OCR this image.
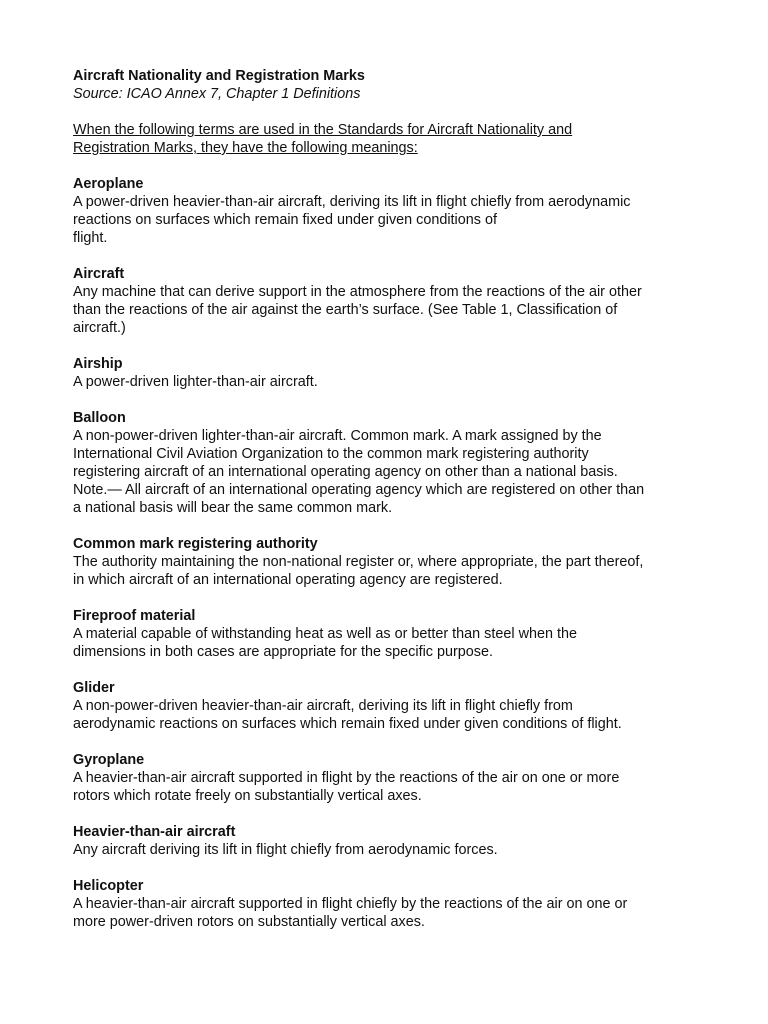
Aircraft Nationality and Registration Marks

Source: ICAO Annex 7, Chapter 1 Definitions

When the following terms are used in the Standards for Aircraft Nationality and

Registration Marks, they have the following meanings:

Aeroplane

A power-driven heavier-than-air aircraft, deriving its lift in flight chiefly from aerodynamic

reactions on surfaces which remain fixed under given conditions of

flight.

Aircraft

Any machine that can derive support in the atmosphere from the reactions of the air other

than the reactions of the air against the earth’s surface. (See Table 1, Classification of

aircraft.)

Airship

A power-driven lighter-than-air aircraft.

Balloon

A non-power-driven lighter-than-air aircraft. Common mark. A mark assigned by the

International Civil Aviation Organization to the common mark registering authority

registering aircraft of an international operating agency on other than a national basis.

Note.— All aircraft of an international operating agency which are registered on other than

a national basis will bear the same common mark.

Common mark registering authority

The authority maintaining the non-national register or, where appropriate, the part thereof,

in which aircraft of an international operating agency are registered.

Fireproof material

A material capable of withstanding heat as well as or better than steel when the

dimensions in both cases are appropriate for the specific purpose.

Glider

A non-power-driven heavier-than-air aircraft, deriving its lift in flight chiefly from

aerodynamic reactions on surfaces which remain fixed under given conditions of flight.

Gyroplane

A heavier-than-air aircraft supported in flight by the reactions of the air on one or more

rotors which rotate freely on substantially vertical axes.

Heavier-than-air aircraft

Any aircraft deriving its lift in flight chiefly from aerodynamic forces.

Helicopter

A heavier-than-air aircraft supported in flight chiefly by the reactions of the air on one or

more power-driven rotors on substantially vertical axes.
